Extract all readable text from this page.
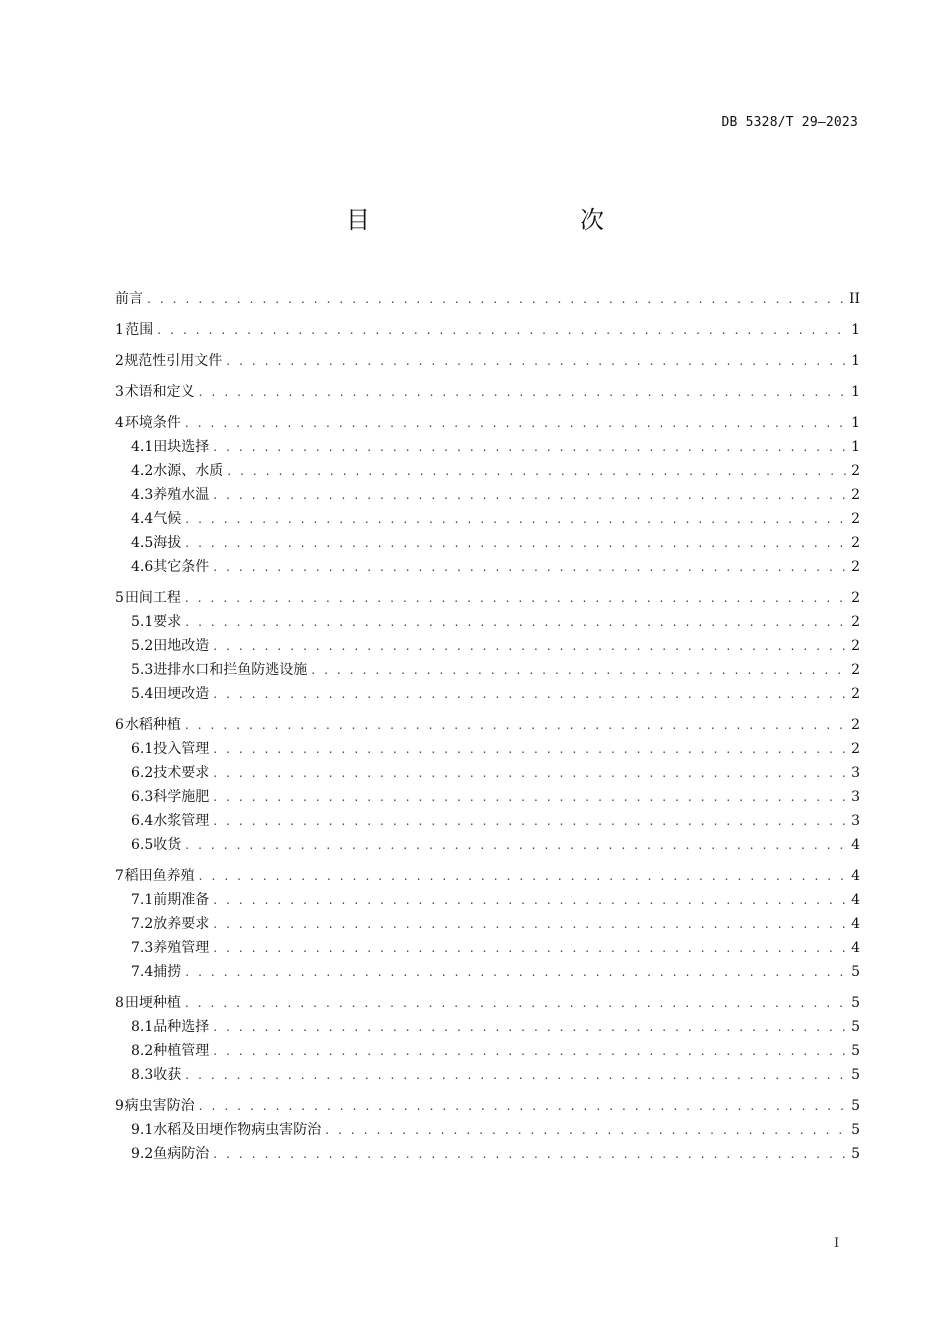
DB 5328/T 29—2023
目　　次
前言 . . .	II
1 范围 . . .	1
2 规范性引用文件 . . .	1
3 术语和定义 . . .	1
4 环境条件 . . .	1
4.1 田块选择 . . .	1
4.2 水源、水质 . . .	2
4.3 养殖水温 . . .	2
4.4 气候 . . .	2
4.5 海拔 . . .	2
4.6 其它条件 . . .	2
5 田间工程 . . .	2
5.1 要求 . . .	2
5.2 田地改造 . . .	2
5.3 进排水口和拦鱼防逃设施 . . .	2
5.4 田埂改造 . . .	2
6 水稻种植 . . .	2
6.1 投入管理 . . .	2
6.2 技术要求 . . .	3
6.3 科学施肥 . . .	3
6.4 水浆管理 . . .	3
6.5 收货 . . .	4
7 稻田鱼养殖 . . .	4
7.1 前期准备 . . .	4
7.2 放养要求 . . .	4
7.3 养殖管理 . . .	4
7.4 捕捞 . . .	5
8 田埂种植 . . .	5
8.1 品种选择 . . .	5
8.2 种植管理 . . .	5
8.3 收获 . . .	5
9 病虫害防治 . . .	5
9.1 水稻及田埂作物病虫害防治 . . .	5
9.2 鱼病防治 . . .	5
I
